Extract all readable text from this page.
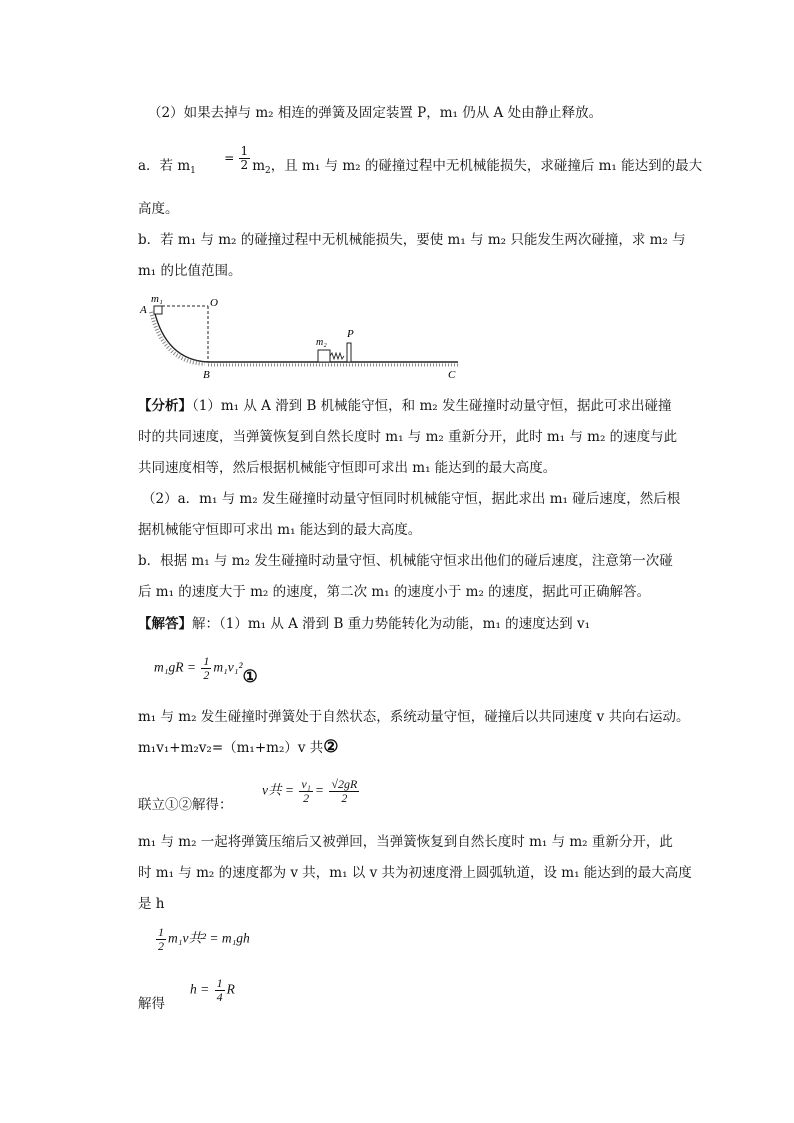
（2）如果去掉与 m₂ 相连的弹簧及固定装置 P，m₁ 仍从 A 处由静止释放。
a．若 $m_1 = \frac{1}{2} m_2$，且 m₁ 与 m₂ 的碰撞过程中无机械能损失，求碰撞后 m₁ 能达到的最大
高度。
b．若 m₁ 与 m₂ 的碰撞过程中无机械能损失，要使 m₁ 与 m₂ 只能发生两次碰撞，求 m₂ 与
m₁ 的比值范围。
m₁
A
O
B
m₂
P
C
【分析】（1）m₁ 从 A 滑到 B 机械能守恒，和 m₂ 发生碰撞时动量守恒，据此可求出碰撞
时的共同速度，当弹簧恢复到自然长度时 m₁ 与 m₂ 重新分开，此时 m₁ 与 m₂ 的速度与此
共同速度相等，然后根据机械能守恒即可求出 m₁ 能达到的最大高度。
（2）a．m₁ 与 m₂ 发生碰撞时动量守恒同时机械能守恒，据此求出 m₁ 碰后速度，然后根
据机械能守恒即可求出 m₁ 能达到的最大高度。
b．根据 m₁ 与 m₂ 发生碰撞时动量守恒、机械能守恒求出他们的碰后速度，注意第一次碰
后 m₁ 的速度大于 m₂ 的速度，第二次 m₁ 的速度小于 m₂ 的速度，据此可正确解答。
【解答】解：（1）m₁ 从 A 滑到 B 重力势能转化为动能，m₁ 的速度达到 v₁
$m_1gR = \frac{1}{2}$ m₁v₁²①
m₁ 与 m₂ 发生碰撞时弹簧处于自然状态，系统动量守恒，碰撞后以共同速度 v 共向右运动。
m₁v₁+m₂v₂=（m₁+m₂）v 共②
联立①②解得：
v共 = $\frac{\text{v₁}}{2} = \frac{√2gR}{2}$
m₁ 与 m₂ 一起将弹簧压缩后又被弹回，当弹簧恢复到自然长度时 m₁ 与 m₂ 重新分开，此
时 m₁ 与 m₂ 的速度都为 v 共，m₁ 以 v 共为初速度滑上圆弧轨道，设 m₁ 能达到的最大高度
是 h
$\frac{1}{2} m_1v$共² = m₁gh
解得
$h = \frac{1}{4}$ R
